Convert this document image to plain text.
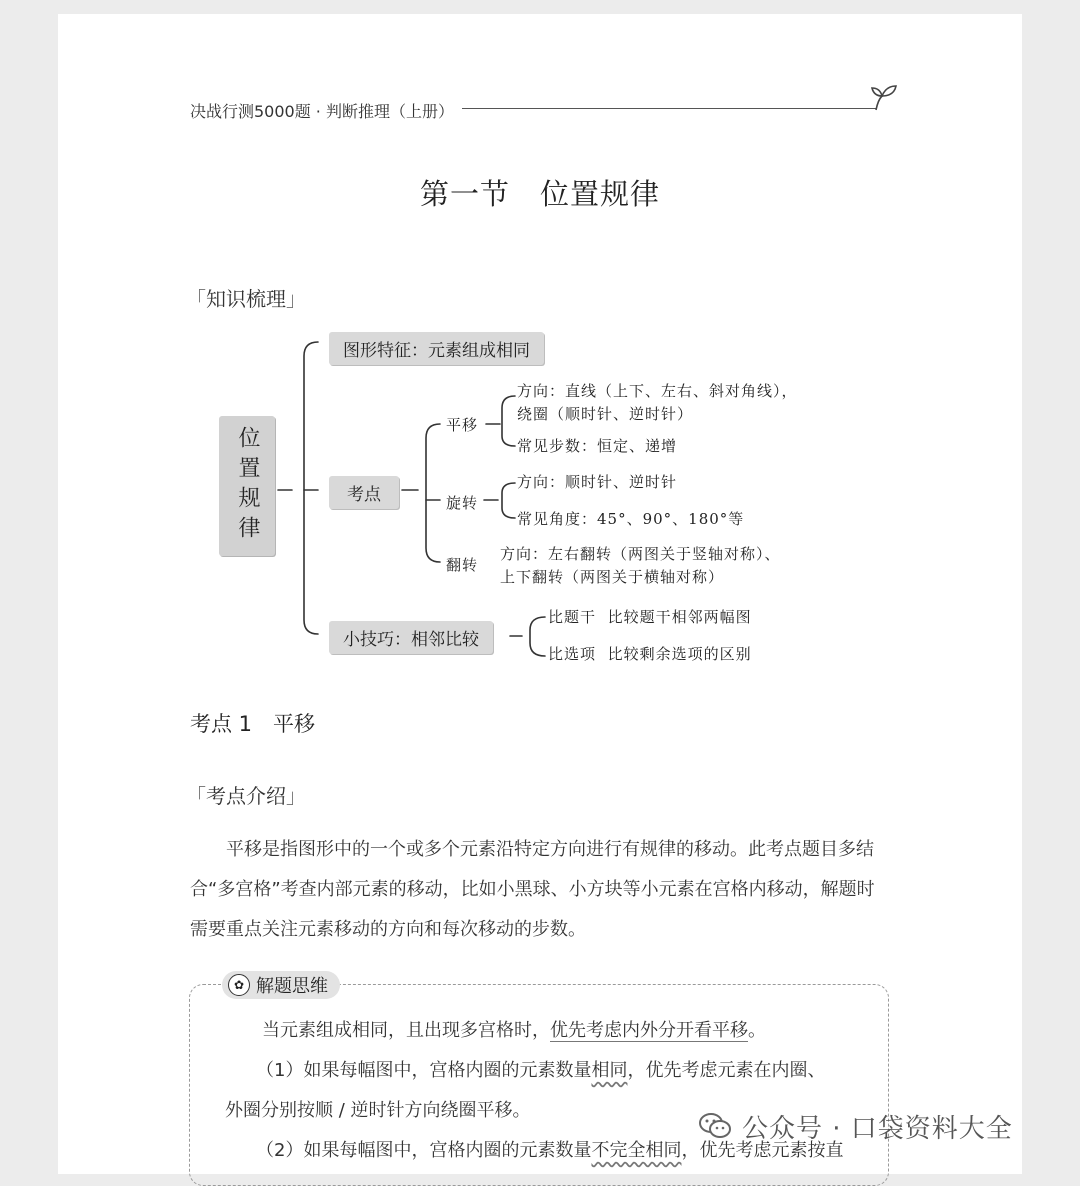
决战行测5000题 · 判断推理（上册）
第一节　位置规律
「知识梳理」
位置规律
图形特征：元素组成相同
考点
小技巧：相邻比较
平移
方向：直线（上下、左右、斜对角线），
绕圈（顺时针、逆时针）
常见步数：恒定、递增
旋转
方向：顺时针、逆时针
常见角度：45°、90°、180°等
翻转
方向：左右翻转（两图关于竖轴对称）、
上下翻转（两图关于横轴对称）
比题干 比较题干相邻两幅图
比选项 比较剩余选项的区别
考点 1　平移
「考点介绍」
平移是指图形中的一个或多个元素沿特定方向进行有规律的移动。此考点题目多结合“多宫格”考查内部元素的移动，比如小黑球、小方块等小元素在宫格内移动，解题时需要重点关注元素移动的方向和每次移动的步数。
✿ 解题思维
当元素组成相同，且出现多宫格时，优先考虑内外分开看平移。
（1）如果每幅图中，宫格内圈的元素数量相同，优先考虑元素在内圈、
外圈分别按顺 / 逆时针方向绕圈平移。
（2）如果每幅图中，宫格内圈的元素数量不完全相同，优先考虑元素按直
公众号 · 口袋资料大全
